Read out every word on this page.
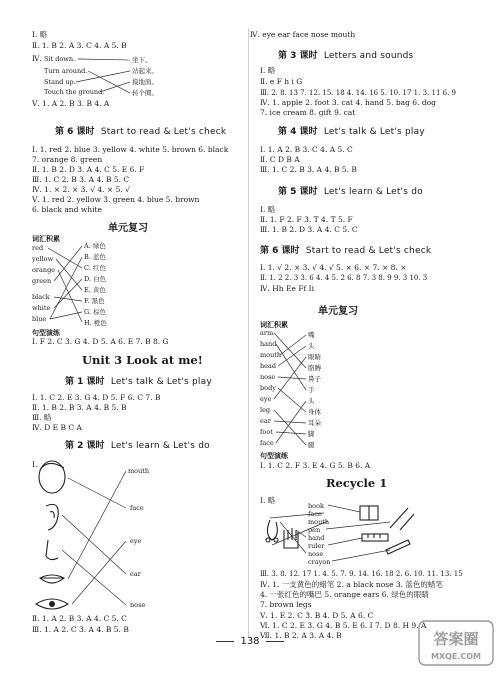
Ⅰ. 略
Ⅱ. 1. B 2. A 3. C 4. A 5. B
Ⅳ. Sit down.
Turn around.
Stand up.
Touch the ground.
坐下。
站起来。
摸地面。
转个圈。
Ⅴ. 1. A 2. B 3. B 4. A
第 6 课时 Start to read & Let's check
Ⅰ. 1. red 2. blue 3. yellow 4. white 5. brown 6. black
7. orange 8. green
Ⅱ. 1. B 2. D 3. A 4. C 5. E 6. F
Ⅲ. 1. C 2. B 3. A 4. B 5. C
Ⅳ. 1. × 2. × 3. √ 4. × 5. √
Ⅴ. 1. red 2. yellow 3. green 4. blue 5. brown
6. black and white
单元复习
词汇积累
red
yellow
orange
green
black
white
blue
A. 绿色
B. 蓝色
C. 红色
D. 白色
E. 黄色
F. 黑色
G. 棕色
H. 橙色
句型演练
Ⅰ. F 2. C 3. G 4. D 5. A 6. E 7. B 8. G
Unit 3 Look at me!
第 1 课时 Let's talk & Let's play
Ⅰ. 1. C 2. E 3. G 4. D 5. F 6. C 7. B
Ⅱ. 1. B 2. B 3. A 4. B 5. B
Ⅲ. 略
Ⅳ. D E B C A
第 2 课时 Let's learn & Let's do
Ⅰ.
mouth
face
eye
ear
nose
Ⅱ. 1. A 2. B 3. A 4. C 5. C
Ⅲ. 1. A 2. C 3. A 4. B 5. B
Ⅳ. eye ear face nose mouth
第 3 课时 Letters and sounds
Ⅰ. 略
Ⅱ. e F h i G
Ⅲ. 2. 8. 13 7. 12. 15. 18 4. 14. 16 5. 10. 17 1. 3. 11 6. 9
Ⅳ. 1. apple 2. foot 3. cat 4. hand 5. bag 6. dog
7. ice cream 8. gift 9. cat
第 4 课时 Let's talk & Let's play
Ⅰ. 1. A 2. B 3. C 4. A 5. C
Ⅱ. C D B A
Ⅲ. 1. C 2. B 3. A 4. B 5. B
第 5 课时 Let's learn & Let's do
Ⅰ. 略
Ⅱ. 1. F 2. F 3. T 4. T 5. F
Ⅲ. 1. B 2. D 3. A 4. C 5. C
第 6 课时 Start to read & Let's check
Ⅰ. 1. √ 2. × 3. √ 4. √ 5. × 6. × 7. × 8. ×
Ⅱ. 1. 2 2. 3 3. 6 4. 4 5. 2 6. 8 7. 3 8. 9 9. 3 10. 3
Ⅳ. Hh Ee Ff Ii
单元复习
词汇积累
arm
hand
mouth
head
nose
body
eye
leg
ear
foot
face
嘴
头
眼睛
胳膊
鼻子
手
头
身体
耳朵
脚
腿
句型演练
Ⅰ. 1. C 2. F 3. E 4. G 5. B 6. A
Recycle 1
Ⅰ. 略
book
face
mouth
pen
hand
ruler
nose
crayon
Ⅲ. 3. 8. 12. 17 1. 4. 5. 7. 9. 14. 16. 18 2. 6. 10. 11. 13. 15
Ⅳ. 1. 一支黄色的蜡笔 2. a black nose 3. 蓝色的蜡笔
4. 一张红色的嘴巴 5. orange ears 6. 绿色的眼睛
7. brown legs
Ⅴ. 1. E 2. C 3. B 4. D 5. A 6. C
Ⅵ. 1. C 2. E 3. G 4. B 5. E 6. I 7. D 8. H 9. A
Ⅶ. 1. B 2. A 3. A 4. B
138	答案圈
MXQE.COM
